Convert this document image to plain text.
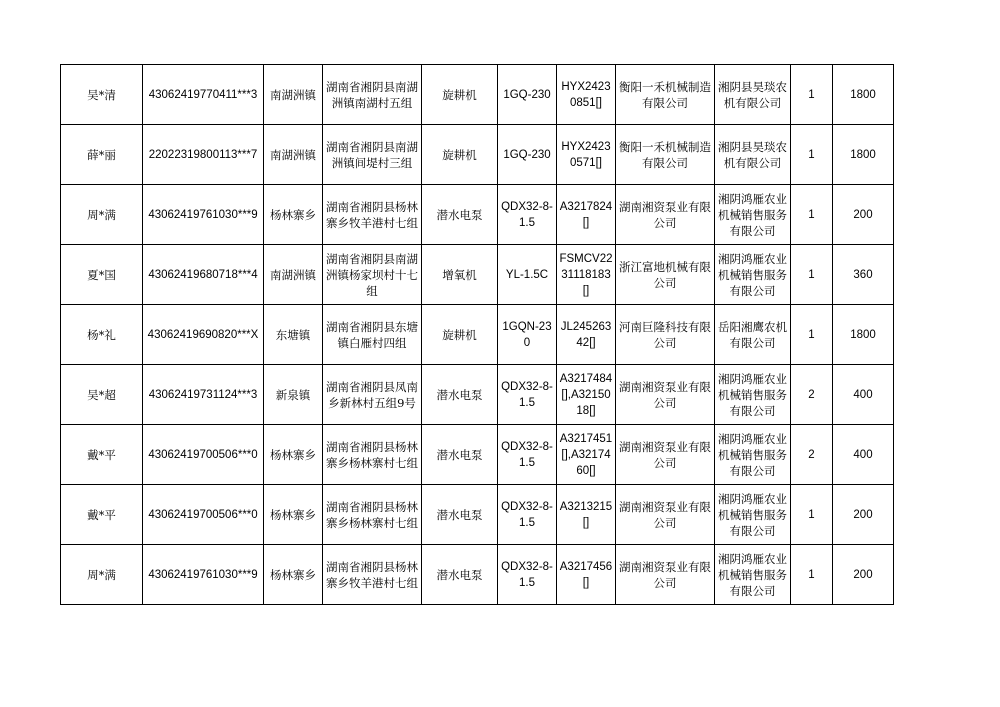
吴*清	43062419770411***3	南湖洲镇	湖南省湘阴县南湖洲镇南湖村五组	旋耕机	1GQ-230	HYX24230851[]	衡阳一禾机械制造有限公司	湘阴县昊琰农机有限公司	1	1800
薛*丽	22022319800113***7	南湖洲镇	湖南省湘阴县南湖洲镇间堤村三组	旋耕机	1GQ-230	HYX24230571[]	衡阳一禾机械制造有限公司	湘阴县昊琰农机有限公司	1	1800
周*满	43062419761030***9	杨林寨乡	湖南省湘阴县杨林寨乡牧羊港村七组	潜水电泵	QDX32-8-1.5	A3217824[]	湖南湘资泵业有限公司	湘阴鸿雁农业机械销售服务有限公司	1	200
夏*国	43062419680718***4	南湖洲镇	湖南省湘阴县南湖洲镇杨家坝村十七组	增氧机	YL-1.5C	FSMCV2231118183[]	浙江富地机械有限公司	湘阴鸿雁农业机械销售服务有限公司	1	360
杨*礼	43062419690820***X	东塘镇	湖南省湘阴县东塘镇白雁村四组	旋耕机	1GQN-230	JL24526342[]	河南巨隆科技有限公司	岳阳湘鹰农机有限公司	1	1800
吴*超	43062419731124***3	新泉镇	湖南省湘阴县凤南乡新林村五组9号	潜水电泵	QDX32-8-1.5	A3217484[],A3215018[]	湖南湘资泵业有限公司	湘阴鸿雁农业机械销售服务有限公司	2	400
戴*平	43062419700506***0	杨林寨乡	湖南省湘阴县杨林寨乡杨林寨村七组	潜水电泵	QDX32-8-1.5	A3217451[],A3217460[]	湖南湘资泵业有限公司	湘阴鸿雁农业机械销售服务有限公司	2	400
戴*平	43062419700506***0	杨林寨乡	湖南省湘阴县杨林寨乡杨林寨村七组	潜水电泵	QDX32-8-1.5	A3213215[]	湖南湘资泵业有限公司	湘阴鸿雁农业机械销售服务有限公司	1	200
周*满	43062419761030***9	杨林寨乡	湖南省湘阴县杨林寨乡牧羊港村七组	潜水电泵	QDX32-8-1.5	A3217456[]	湖南湘资泵业有限公司	湘阴鸿雁农业机械销售服务有限公司	1	200
